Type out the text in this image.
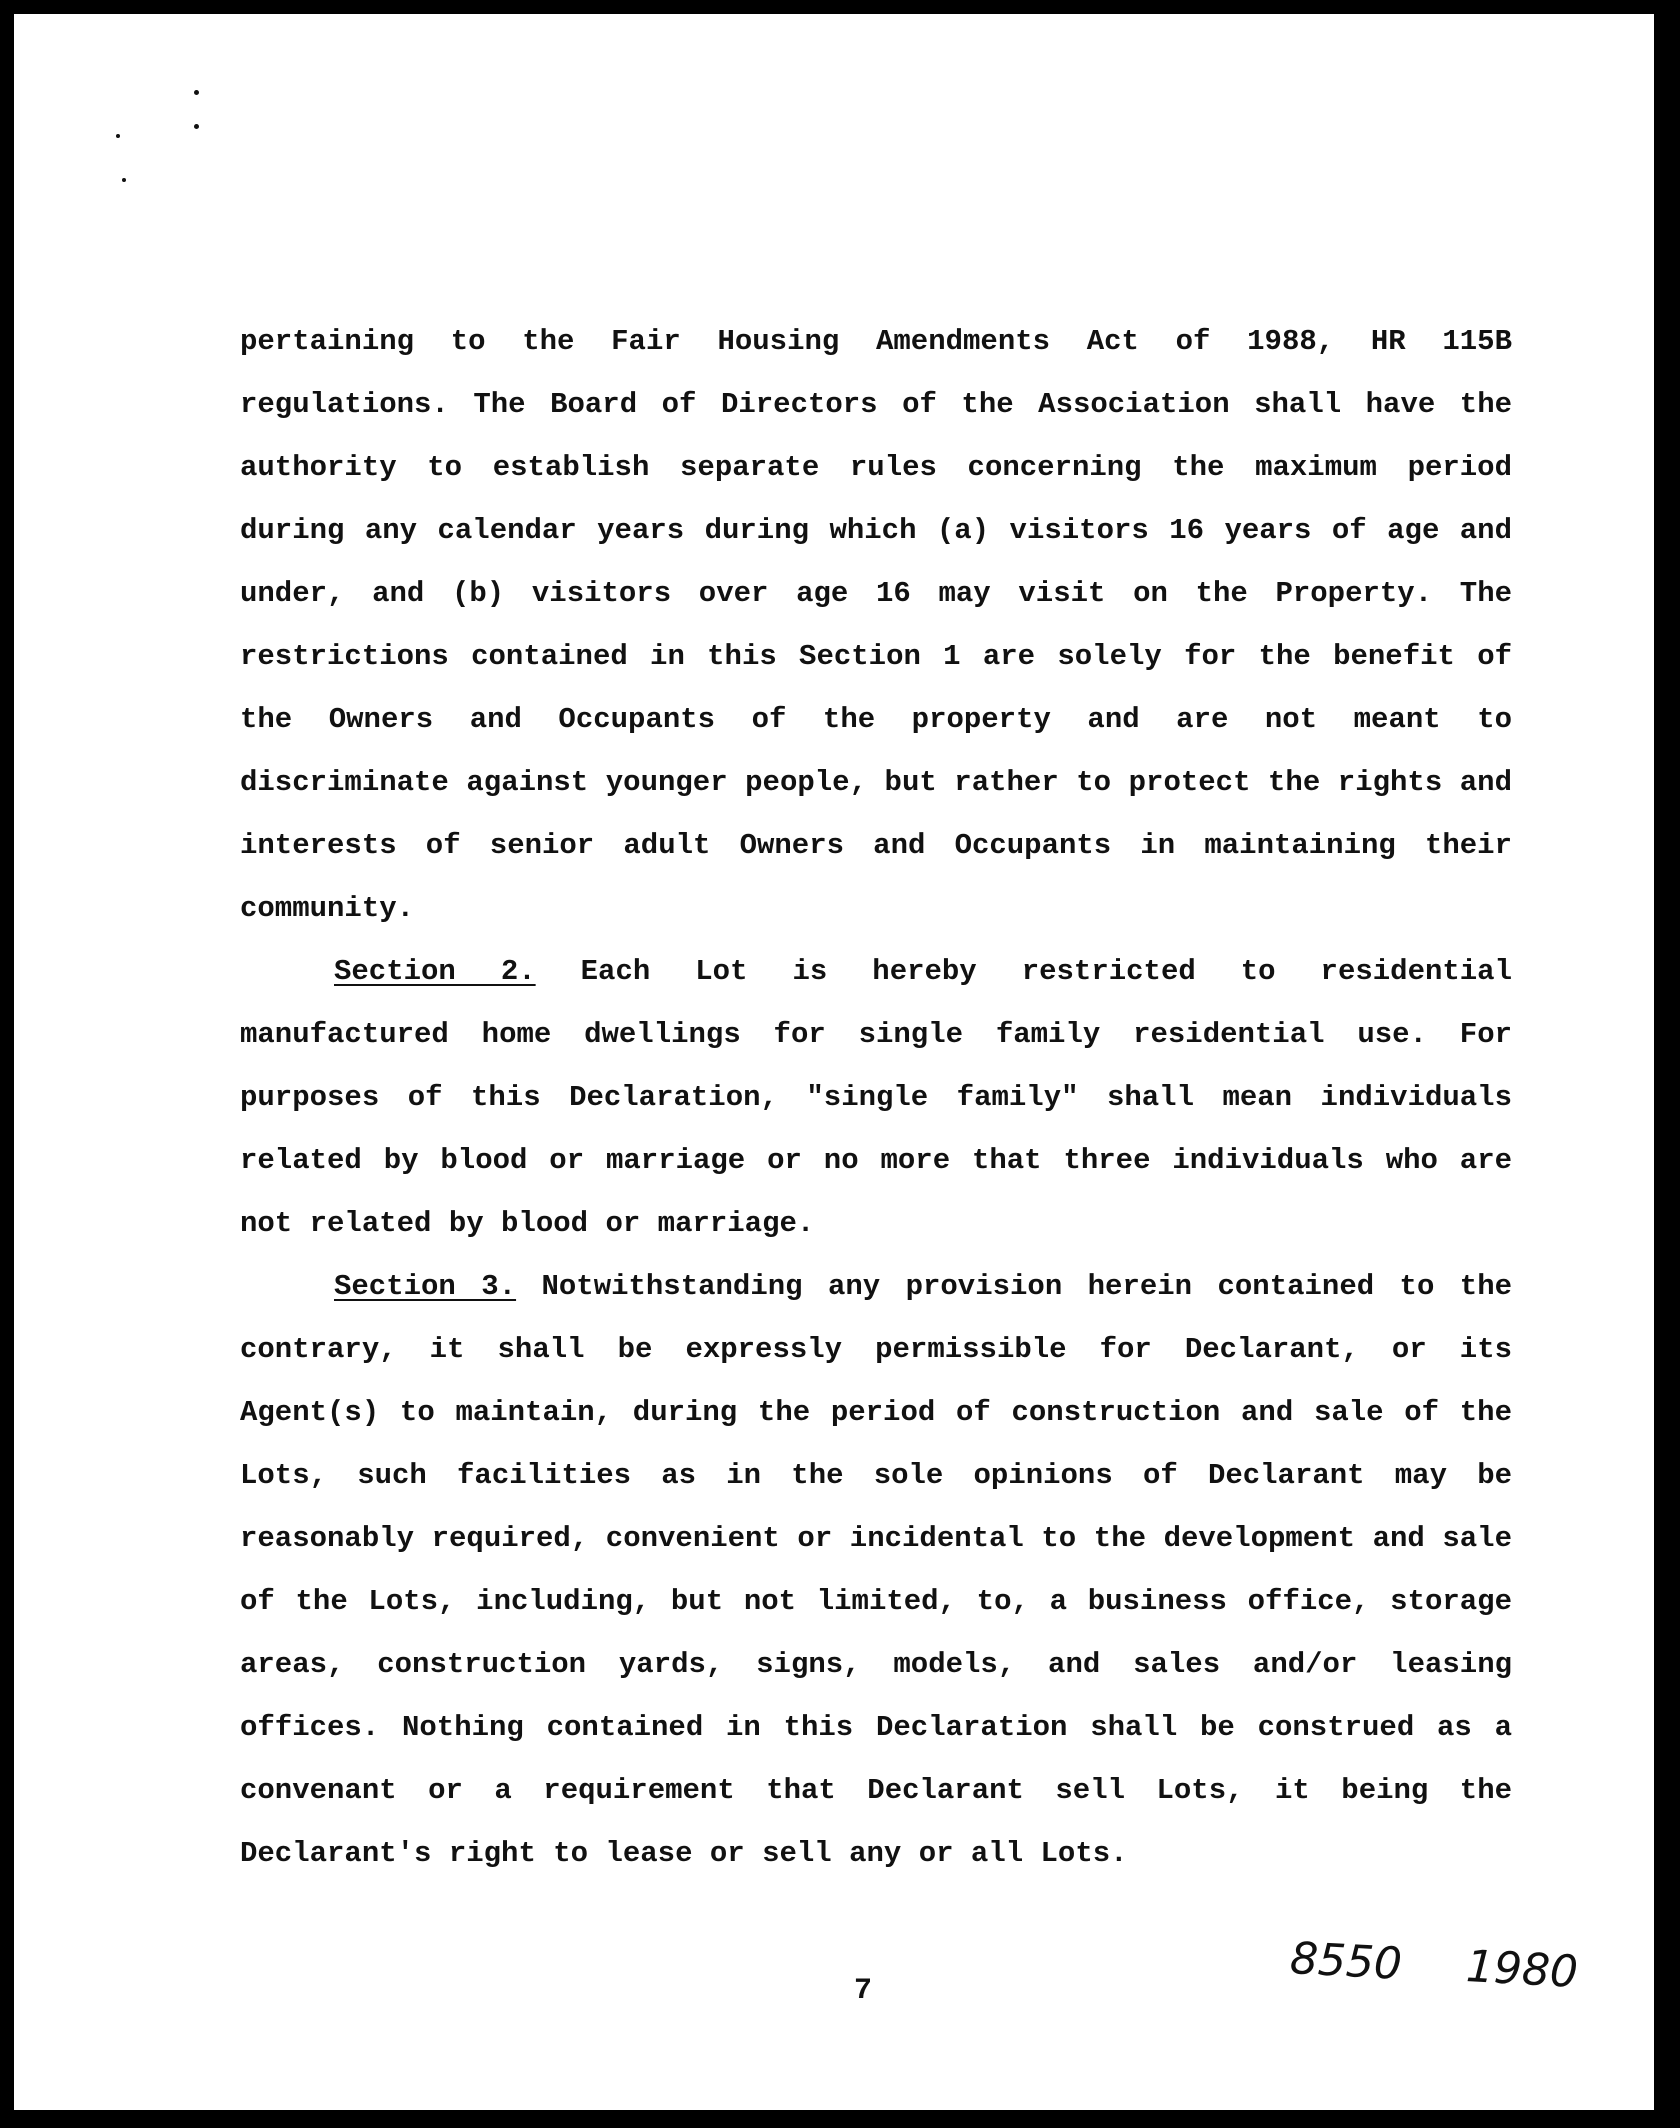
pertaining to the Fair Housing Amendments Act of 1988, HR 115B regulations. The Board of Directors of the Association shall have the authority to establish separate rules concerning the maximum period during any calendar years during which (a) visitors 16 years of age and under, and (b) visitors over age 16 may visit on the Property. The restrictions contained in this Section 1 are solely for the benefit of the Owners and Occupants of the property and are not meant to discriminate against younger people, but rather to protect the rights and interests of senior adult Owners and Occupants in maintaining their community.

Section 2. Each Lot is hereby restricted to residential manufactured home dwellings for single family residential use. For purposes of this Declaration, "single family" shall mean individuals related by blood or marriage or no more that three individuals who are not related by blood or marriage.

Section 3. Notwithstanding any provision herein contained to the contrary, it shall be expressly permissible for Declarant, or its Agent(s) to maintain, during the period of construction and sale of the Lots, such facilities as in the sole opinions of Declarant may be reasonably required, convenient or incidental to the development and sale of the Lots, including, but not limited, to, a business office, storage areas, construction yards, signs, models, and sales and/or leasing offices. Nothing contained in this Declaration shall be construed as a convenant or a requirement that Declarant sell Lots, it being the Declarant's right to lease or sell any or all Lots.

7
8550 1980
